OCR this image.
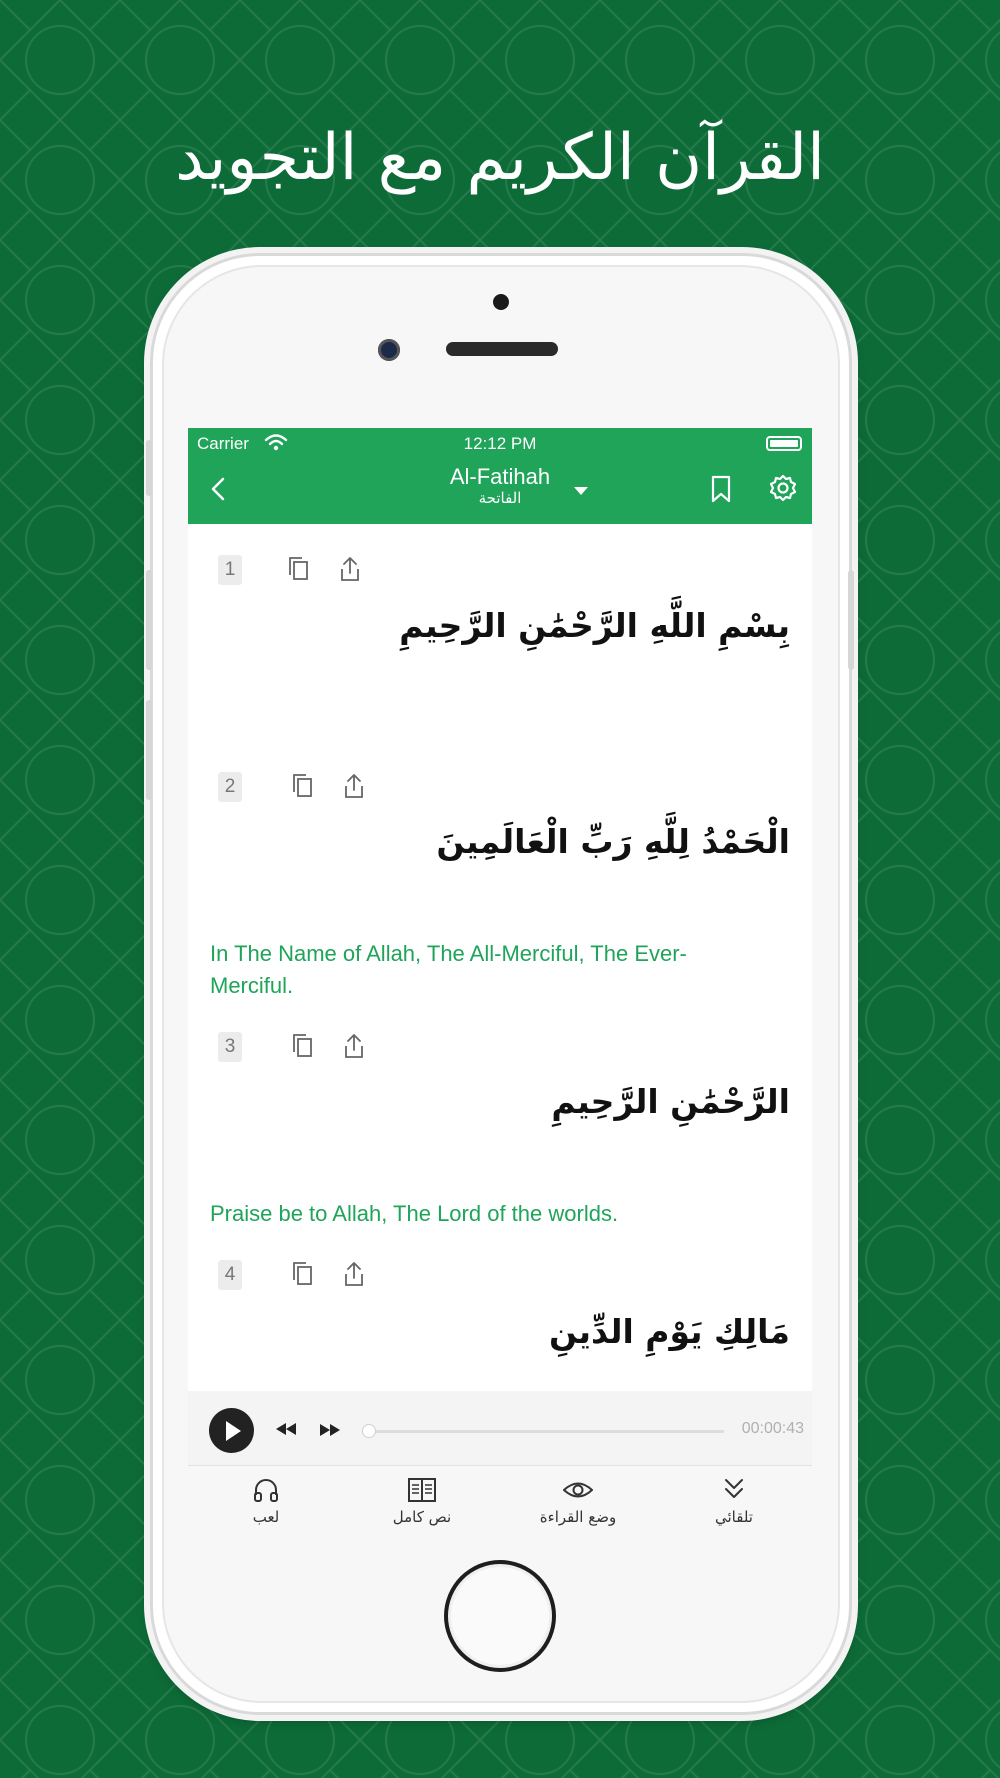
القرآن الكريم مع التجويد
Carrier	12:12 PM
Al-Fatihah
الفاتحة
1
بِسْمِ اللَّهِ الرَّحْمَٰنِ الرَّحِيمِ
2
الْحَمْدُ لِلَّهِ رَبِّ الْعَالَمِينَ
In The Name of Allah, The All-Merciful, The Ever-Merciful.
3
الرَّحْمَٰنِ الرَّحِيمِ
Praise be to Allah, The Lord of the worlds.
4
مَالِكِ يَوْمِ الدِّينِ
00:00:43
لعب	نص كامل	وضع القراءة	تلقائي
